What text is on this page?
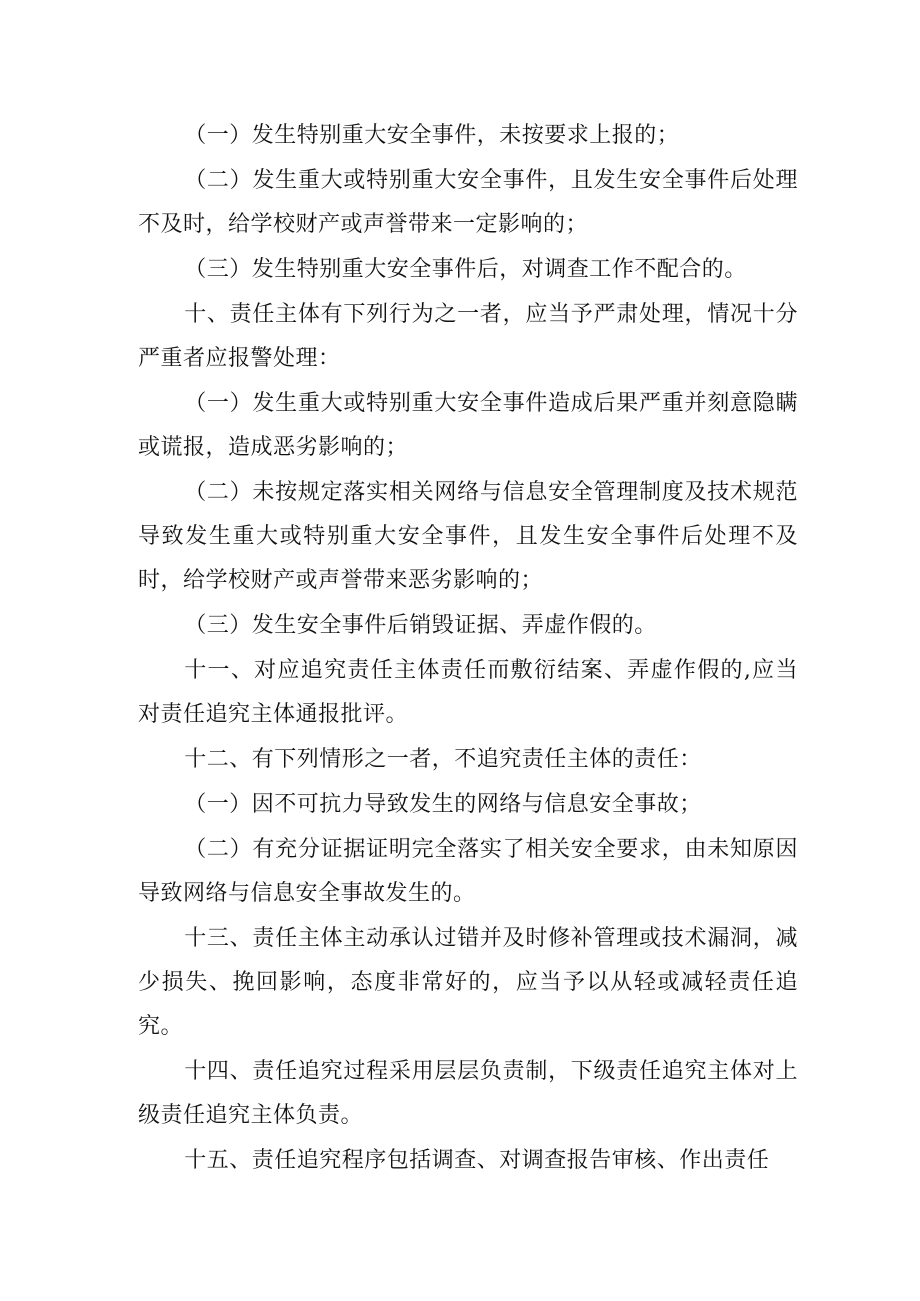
（一）发生特别重大安全事件，未按要求上报的；

（二）发生重大或特别重大安全事件，且发生安全事件后处理不及时，给学校财产或声誉带来一定影响的；

（三）发生特别重大安全事件后，对调查工作不配合的。

十、责任主体有下列行为之一者，应当予严肃处理，情况十分严重者应报警处理：

（一）发生重大或特别重大安全事件造成后果严重并刻意隐瞒或谎报，造成恶劣影响的；

（二）未按规定落实相关网络与信息安全管理制度及技术规范导致发生重大或特别重大安全事件，且发生安全事件后处理不及时，给学校财产或声誉带来恶劣影响的；

（三）发生安全事件后销毁证据、弄虚作假的。

十一、对应追究责任主体责任而敷衍结案、弄虚作假的,应当对责任追究主体通报批评。

十二、有下列情形之一者，不追究责任主体的责任：

（一）因不可抗力导致发生的网络与信息安全事故；

（二）有充分证据证明完全落实了相关安全要求，由未知原因导致网络与信息安全事故发生的。

十三、责任主体主动承认过错并及时修补管理或技术漏洞，减少损失、挽回影响，态度非常好的，应当予以从轻或减轻责任追究。

十四、责任追究过程采用层层负责制，下级责任追究主体对上级责任追究主体负责。

十五、责任追究程序包括调查、对调查报告审核、作出责任
